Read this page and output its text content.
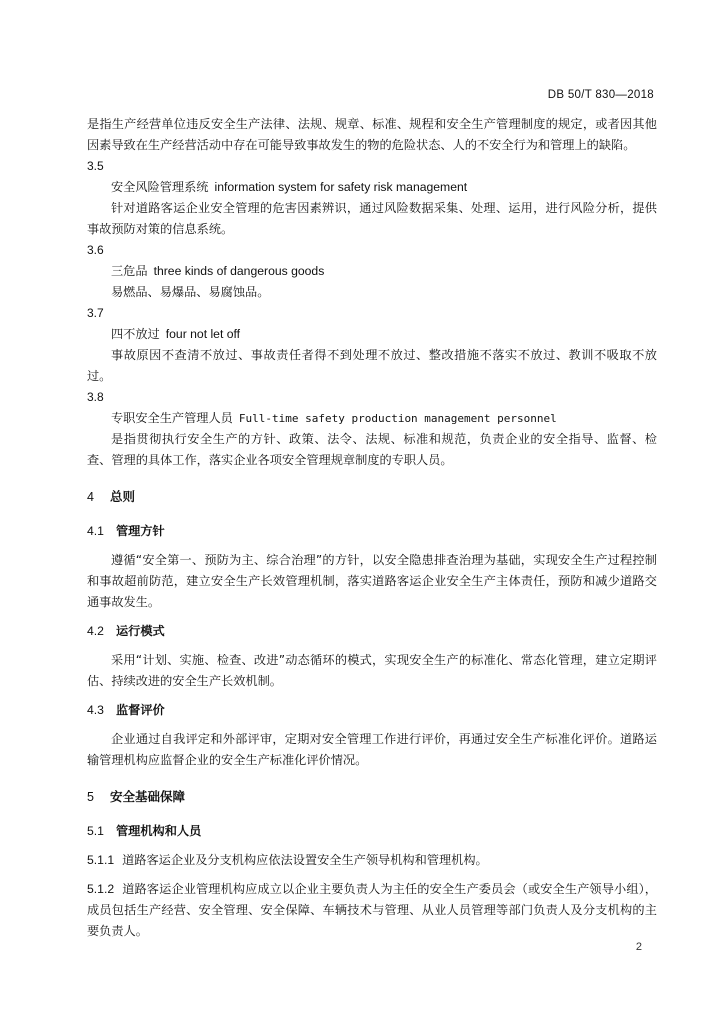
DB 50/T 830—2018

是指生产经营单位违反安全生产法律、法规、规章、标准、规程和安全生产管理制度的规定，或者因其他因素导致在生产经营活动中存在可能导致事故发生的物的危险状态、人的不安全行为和管理上的缺陷。

3.5
安全风险管理系统 information system for safety risk management

针对道路客运企业安全管理的危害因素辨识，通过风险数据采集、处理、运用，进行风险分析，提供事故预防对策的信息系统。

3.6
三危品 three kinds of dangerous goods

易燃品、易爆品、易腐蚀品。

3.7
四不放过 four not let off

事故原因不查清不放过、事故责任者得不到处理不放过、整改措施不落实不放过、教训不吸取不放过。

3.8
专职安全生产管理人员 Full-time safety production management personnel

是指贯彻执行安全生产的方针、政策、法令、法规、标准和规范，负责企业的安全指导、监督、检查、管理的具体工作，落实企业各项安全管理规章制度的专职人员。

4 总则
4.1 管理方针

遵循“安全第一、预防为主、综合治理”的方针，以安全隐患排查治理为基础，实现安全生产过程控制和事故超前防范，建立安全生产长效管理机制，落实道路客运企业安全生产主体责任，预防和减少道路交通事故发生。

4.2 运行模式

采用“计划、实施、检查、改进”动态循环的模式，实现安全生产的标准化、常态化管理，建立定期评估、持续改进的安全生产长效机制。

4.3 监督评价

企业通过自我评定和外部评审，定期对安全管理工作进行评价，再通过安全生产标准化评价。道路运输管理机构应监督企业的安全生产标准化评价情况。

5 安全基础保障
5.1 管理机构和人员

5.1.1 道路客运企业及分支机构应依法设置安全生产领导机构和管理机构。

5.1.2 道路客运企业管理机构应成立以企业主要负责人为主任的安全生产委员会（或安全生产领导小组），成员包括生产经营、安全管理、安全保障、车辆技术与管理、从业人员管理等部门负责人及分支机构的主要负责人。

2
